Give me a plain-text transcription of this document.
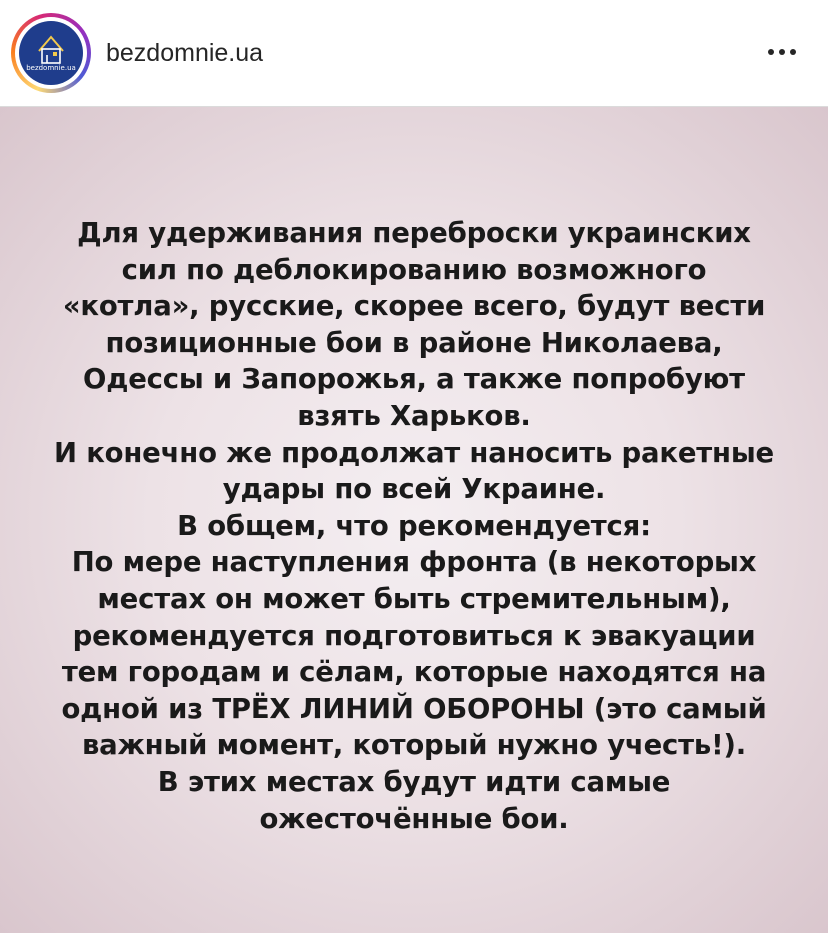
bezdomnie.ua
bezdomnie.ua
Для удерживания переброски украинских
сил по деблокированию возможного
«котла», русские, скорее всего, будут вести
позиционные бои в районе Николаева,
Одессы и Запорожья, а также попробуют
взять Харьков.
И конечно же продолжат наносить ракетные
удары по всей Украине.
В общем, что рекомендуется:
По мере наступления фронта (в некоторых
местах он может быть стремительным),
рекомендуется подготовиться к эвакуации
тем городам и сёлам, которые находятся на
одной из ТРЁХ ЛИНИЙ ОБОРОНЫ (это самый
важный момент, который нужно учесть!).
В этих местах будут идти самые
ожесточённые бои.
